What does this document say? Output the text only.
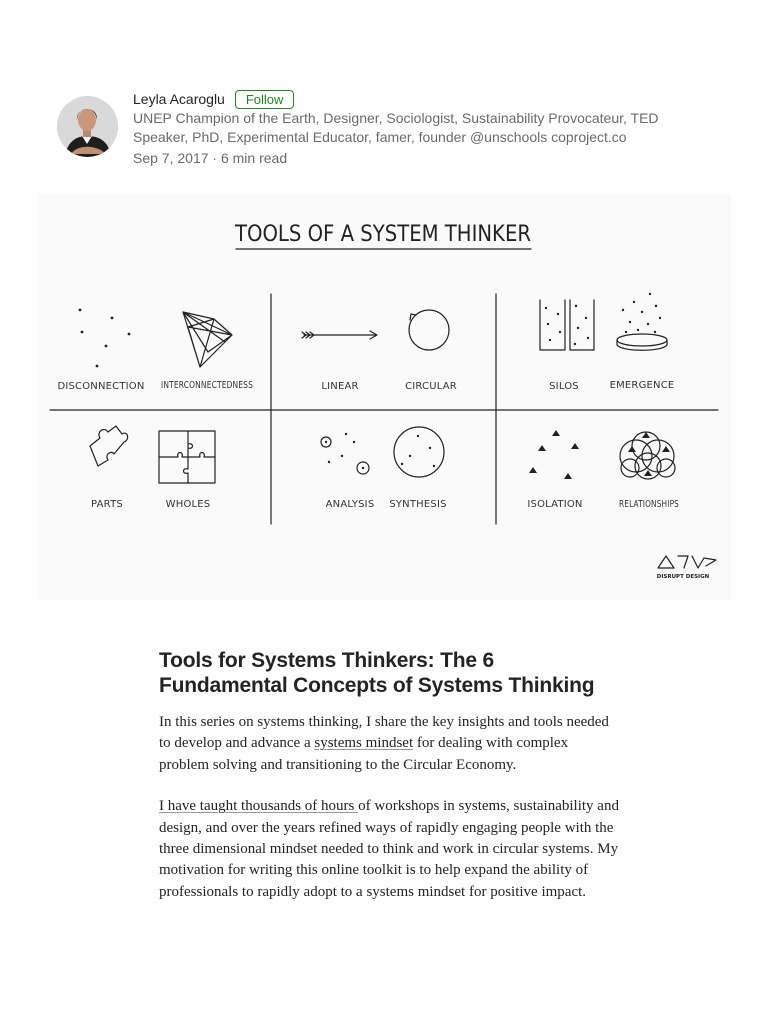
Leyla Acaroglu	Follow
UNEP Champion of the Earth, Designer, Sociologist, Sustainability Provocateur, TED Speaker, PhD, Experimental Educator, famer, founder @unschools coproject.co
Sep 7, 2017 · 6 min read
TOOLS OF A SYSTEM THINKER
DISCONNECTION INTERCONNECTEDNESS	LINEAR	CIRCULAR	SILOS	EMERGENCE
PARTS	WHOLES	ANALYSIS SYNTHESIS	ISOLATION	RELATIONSHIPS
DISRUPT DESIGN
Tools for Systems Thinkers: The 6 Fundamental Concepts of Systems Thinking

In this series on systems thinking, I share the key insights and tools needed to develop and advance a systems mindset for dealing with complex problem solving and transitioning to the Circular Economy.

I have taught thousands of hours of workshops in systems, sustainability and design, and over the years refined ways of rapidly engaging people with the three dimensional mindset needed to think and work in circular systems. My motivation for writing this online toolkit is to help expand the ability of professionals to rapidly adopt to a systems mindset for positive impact.
